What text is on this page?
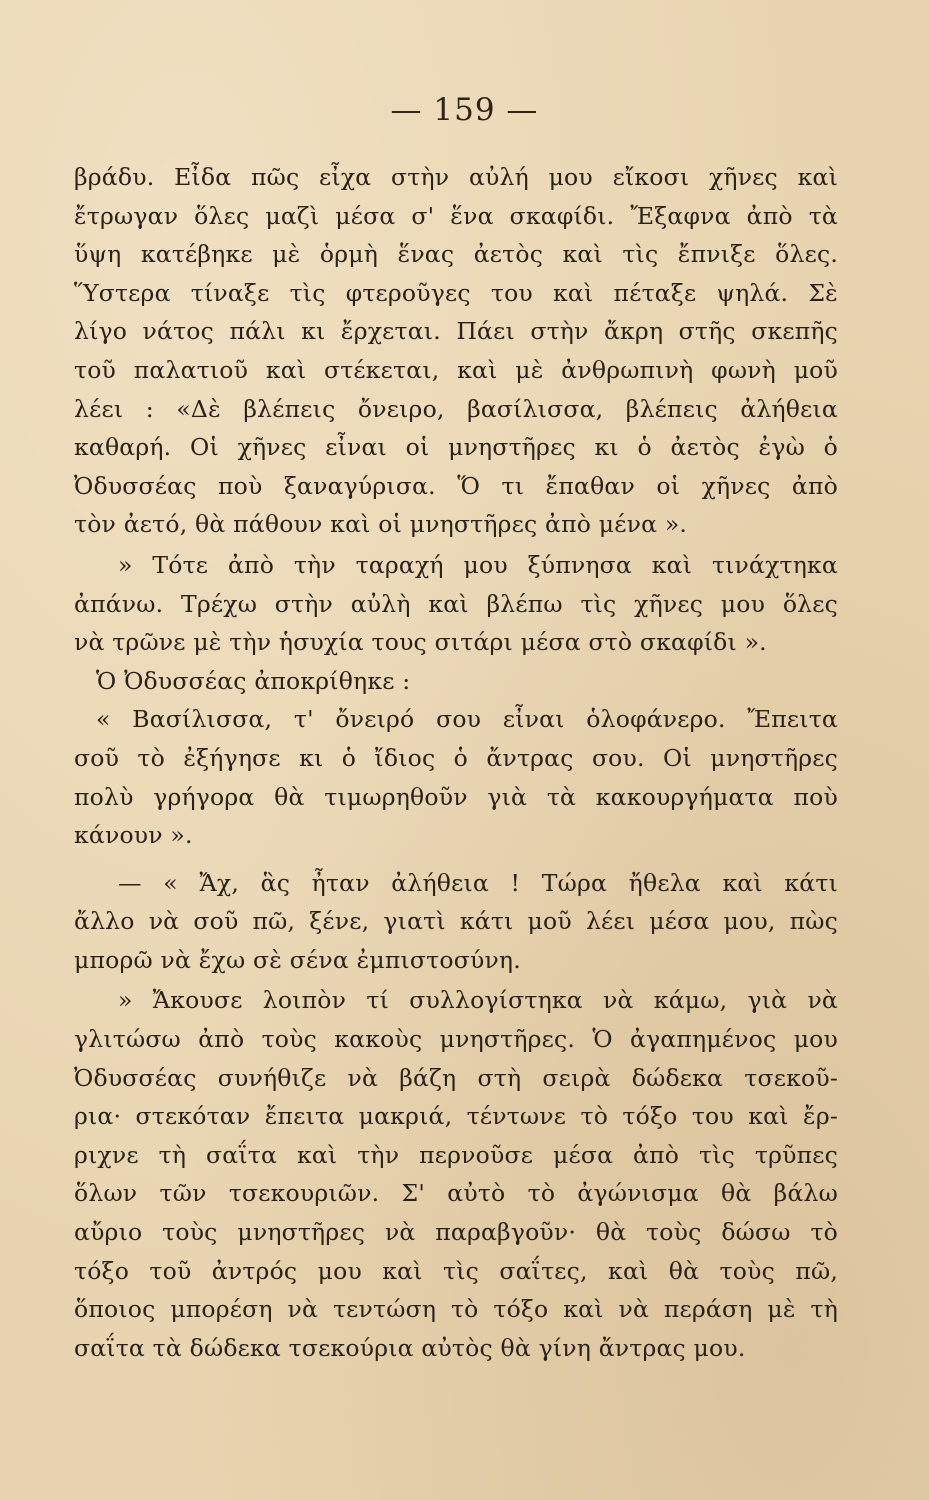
— 159 —
βράδυ. Εἶδα πῶς εἶχα στὴν αὐλή μου εἴκοσι χῆνες καὶ
ἔτρωγαν ὅλες μαζὶ μέσα σ' ἕνα σκαφίδι. Ἔξαφνα ἀπὸ τὰ
ὕψη κατέβηκε μὲ ὁρμὴ ἕνας ἀετὸς καὶ τὶς ἔπνιξε ὅλες.
Ὕστερα τίναξε τὶς φτεροῦγες του καὶ πέταξε ψηλά. Σὲ
λίγο νάτος πάλι κι ἔρχεται. Πάει στὴν ἄκρη στῆς σκεπῆς
τοῦ παλατιοῦ καὶ στέκεται, καὶ μὲ ἀνθρωπινὴ φωνὴ μοῦ
λέει : «Δὲ βλέπεις ὄνειρο, βασίλισσα, βλέπεις ἀλήθεια
καθαρή. Οἱ χῆνες εἶναι οἱ μνηστῆρες κι ὁ ἀετὸς ἐγὼ ὁ
Ὀδυσσέας ποὺ ξαναγύρισα. Ὅ τι ἔπαθαν οἱ χῆνες ἀπὸ
τὸν ἀετό, θὰ πάθουν καὶ οἱ μνηστῆρες ἀπὸ μένα ».
» Τότε ἀπὸ τὴν ταραχή μου ξύπνησα καὶ τινάχτηκα
ἀπάνω. Τρέχω στὴν αὐλὴ καὶ βλέπω τὶς χῆνες μου ὅλες
νὰ τρῶνε μὲ τὴν ἡσυχία τους σιτάρι μέσα στὸ σκαφίδι ».
Ὁ Ὀδυσσέας ἀποκρίθηκε :
« Βασίλισσα, τ' ὄνειρό σου εἶναι ὁλοφάνερο. Ἔπειτα
σοῦ τὸ ἐξήγησε κι ὁ ἴδιος ὁ ἄντρας σου. Οἱ μνηστῆρες
πολὺ γρήγορα θὰ τιμωρηθοῦν γιὰ τὰ κακουργήματα ποὺ
κάνουν ».
— « Ἄχ, ἃς ἦταν ἀλήθεια ! Τώρα ἤθελα καὶ κάτι
ἄλλο νὰ σοῦ πῶ, ξένε, γιατὶ κάτι μοῦ λέει μέσα μου, πὼς
μπορῶ νὰ ἔχω σὲ σένα ἐμπιστοσύνη.
» Ἄκουσε λοιπὸν τί συλλογίστηκα νὰ κάμω, γιὰ νὰ
γλιτώσω ἀπὸ τοὺς κακοὺς μνηστῆρες. Ὁ ἀγαπημένος μου
Ὀδυσσέας συνήθιζε νὰ βάζη στὴ σειρὰ δώδεκα τσεκοῦ-
ρια· στεκόταν ἔπειτα μακριά, τέντωνε τὸ τόξο του καὶ ἔρ-
ριχνε τὴ σαΐτα καὶ τὴν περνοῦσε μέσα ἀπὸ τὶς τρῦπες
ὅλων τῶν τσεκουριῶν. Σ' αὐτὸ τὸ ἀγώνισμα θὰ βάλω
αὔριο τοὺς μνηστῆρες νὰ παραβγοῦν· θὰ τοὺς δώσω τὸ
τόξο τοῦ ἀντρός μου καὶ τὶς σαΐτες, καὶ θὰ τοὺς πῶ,
ὅποιος μπορέση νὰ τεντώση τὸ τόξο καὶ νὰ περάση μὲ τὴ
σαΐτα τὰ δώδεκα τσεκούρια αὐτὸς θὰ γίνη ἄντρας μου.
